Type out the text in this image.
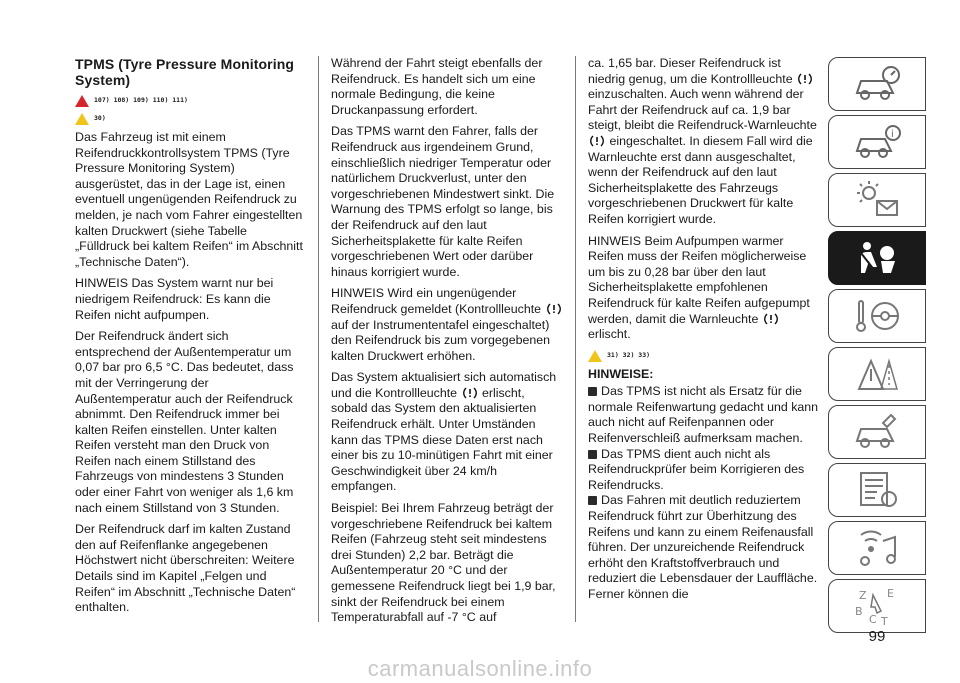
TPMS (Tyre Pressure Monitoring System)
107) 108) 109) 110) 111)
30)

Das Fahrzeug ist mit einem Reifendruckkontrollsystem TPMS (Tyre Pressure Monitoring System) ausgerüstet, das in der Lage ist, einen eventuell ungenügenden Reifendruck zu melden, je nach vom Fahrer eingestellten kalten Druckwert (siehe Tabelle „Fülldruck bei kaltem Reifen“ im Abschnitt „Technische Daten“).

HINWEIS Das System warnt nur bei niedrigem Reifendruck: Es kann die Reifen nicht aufpumpen.

Der Reifendruck ändert sich entsprechend der Außentemperatur um 0,07 bar pro 6,5 °C. Das bedeutet, dass mit der Verringerung der Außentemperatur auch der Reifendruck abnimmt. Den Reifendruck immer bei kalten Reifen einstellen. Unter kalten Reifen versteht man den Druck von Reifen nach einem Stillstand des Fahrzeugs von mindestens 3 Stunden oder einer Fahrt von weniger als 1,6 km nach einem Stillstand von 3 Stunden.

Der Reifendruck darf im kalten Zustand den auf Reifenflanke angegebenen Höchstwert nicht überschreiten: Weitere Details sind im Kapitel „Felgen und Reifen“ im Abschnitt „Technische Daten“ enthalten.

Während der Fahrt steigt ebenfalls der Reifendruck. Es handelt sich um eine normale Bedingung, die keine Druckanpassung erfordert.

Das TPMS warnt den Fahrer, falls der Reifendruck aus irgendeinem Grund, einschließlich niedriger Temperatur oder natürlichem Druckverlust, unter den vorgeschriebenen Mindestwert sinkt. Die Warnung des TPMS erfolgt so lange, bis der Reifendruck auf den laut Sicherheitsplakette für kalte Reifen vorgeschriebenen Wert oder darüber hinaus korrigiert wurde.

HINWEIS Wird ein ungenügender Reifendruck gemeldet (Kontrollleuchte  auf der Instrumententafel eingeschaltet) den Reifendruck bis zum vorgegebenen kalten Druckwert erhöhen.

Das System aktualisiert sich automatisch und die Kontrollleuchte erlischt, sobald das System den aktualisierten Reifendruck erhält. Unter Umständen kann das TPMS diese Daten erst nach einer bis zu 10-minütigen Fahrt mit einer Geschwindigkeit über 24 km/h empfangen.

Beispiel: Bei Ihrem Fahrzeug beträgt der vorgeschriebene Reifendruck bei kaltem Reifen (Fahrzeug steht seit mindestens drei Stunden) 2,2 bar. Beträgt die Außentemperatur 20 °C und der gemessene Reifendruck liegt bei 1,9 bar, sinkt der Reifendruck bei einem Temperaturabfall auf -7 °C auf

ca. 1,65 bar. Dieser Reifendruck ist niedrig genug, um die Kontrollleuchte  einzuschalten. Auch wenn während der Fahrt der Reifendruck auf ca. 1,9 bar steigt, bleibt die Reifendruck-Warnleuchte  eingeschaltet. In diesem Fall wird die Warnleuchte erst dann ausgeschaltet, wenn der Reifendruck auf den laut Sicherheitsplakette des Fahrzeugs vorgeschriebenen Druckwert für kalte Reifen korrigiert wurde.

HINWEIS Beim Aufpumpen warmer Reifen muss der Reifen möglicherweise um bis zu 0,28 bar über den laut Sicherheitsplakette empfohlenen Reifendruck für kalte Reifen aufgepumpt werden, damit die Warnleuchte  erlischt.

31) 32) 33)
HINWEISE:
Das TPMS ist nicht als Ersatz für die normale Reifenwartung gedacht und kann auch nicht auf Reifenpannen oder Reifenverschleiß aufmerksam machen.
Das TPMS dient auch nicht als Reifendruckprüfer beim Korrigieren des Reifendrucks.
Das Fahren mit deutlich reduziertem Reifendruck führt zur Überhitzung des Reifens und kann zu einem Reifenausfall führen. Der unzureichende Reifendruck erhöht den Kraftstoffverbrauch und reduziert die Lebensdauer der Lauffläche. Ferner können die
i
Z E
B
C T
99
carmanualsonline.info
